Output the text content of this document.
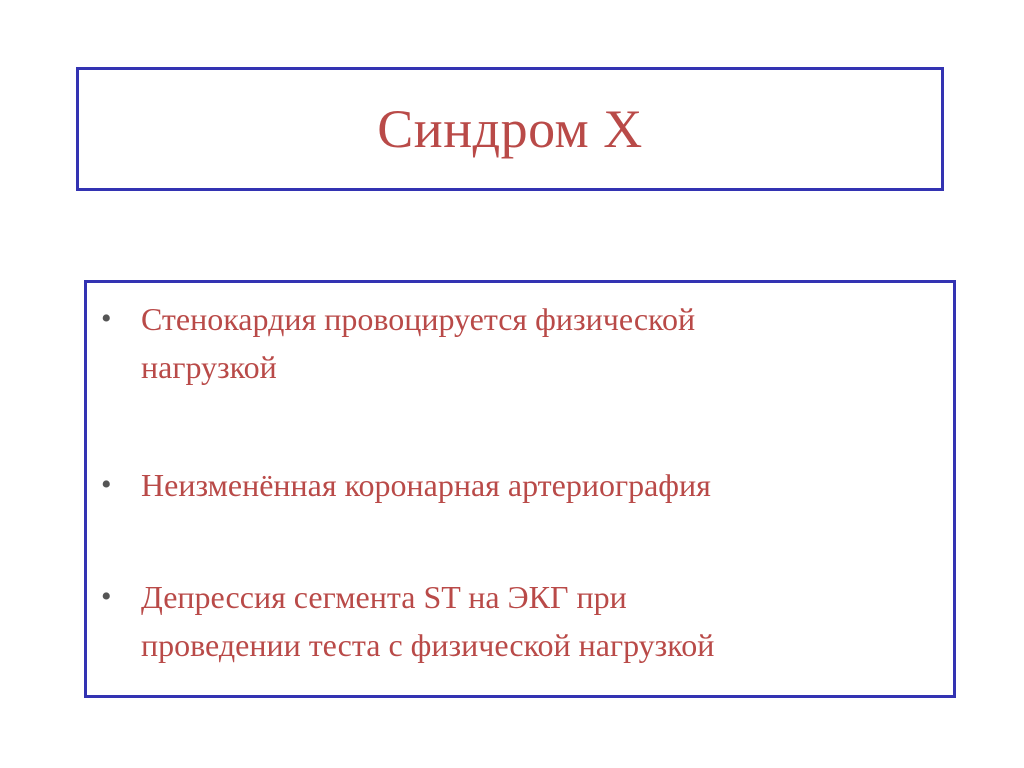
Синдром Х
• Стенокардия провоцируется физической
нагрузкой
• Неизменённая коронарная артериография
• Депрессия сегмента ST на ЭКГ при
проведении теста с физической нагрузкой
